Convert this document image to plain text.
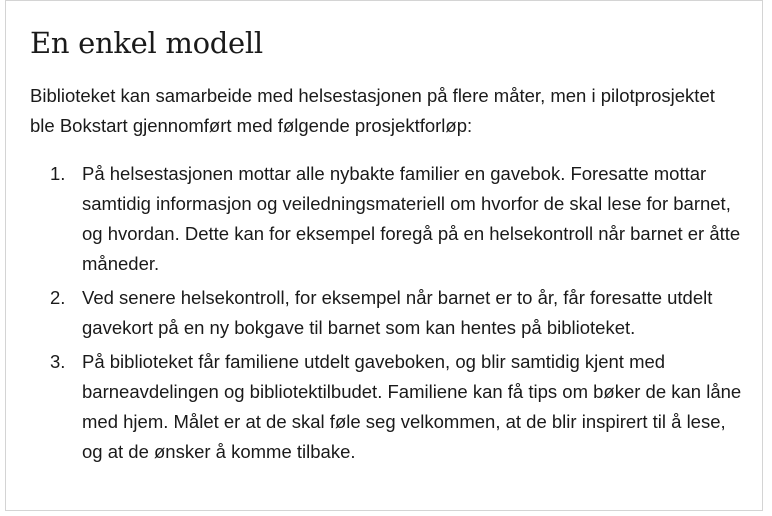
En enkel modell

Biblioteket kan samarbeide med helsestasjonen på flere måter, men i pilotprosjektet ble Bokstart gjennomført med følgende prosjektforløp:

1. På helsestasjonen mottar alle nybakte familier en gavebok. Foresatte mottar samtidig informasjon og veiledningsmateriell om hvorfor de skal lese for barnet, og hvordan. Dette kan for eksempel foregå på en helsekontroll når barnet er åtte måneder.
2. Ved senere helsekontroll, for eksempel når barnet er to år, får foresatte utdelt gavekort på en ny bokgave til barnet som kan hentes på biblioteket.
3. På biblioteket får familiene utdelt gaveboken, og blir samtidig kjent med barneavdelingen og bibliotektilbudet. Familiene kan få tips om bøker de kan låne med hjem. Målet er at de skal føle seg velkommen, at de blir inspirert til å lese, og at de ønsker å komme tilbake.
